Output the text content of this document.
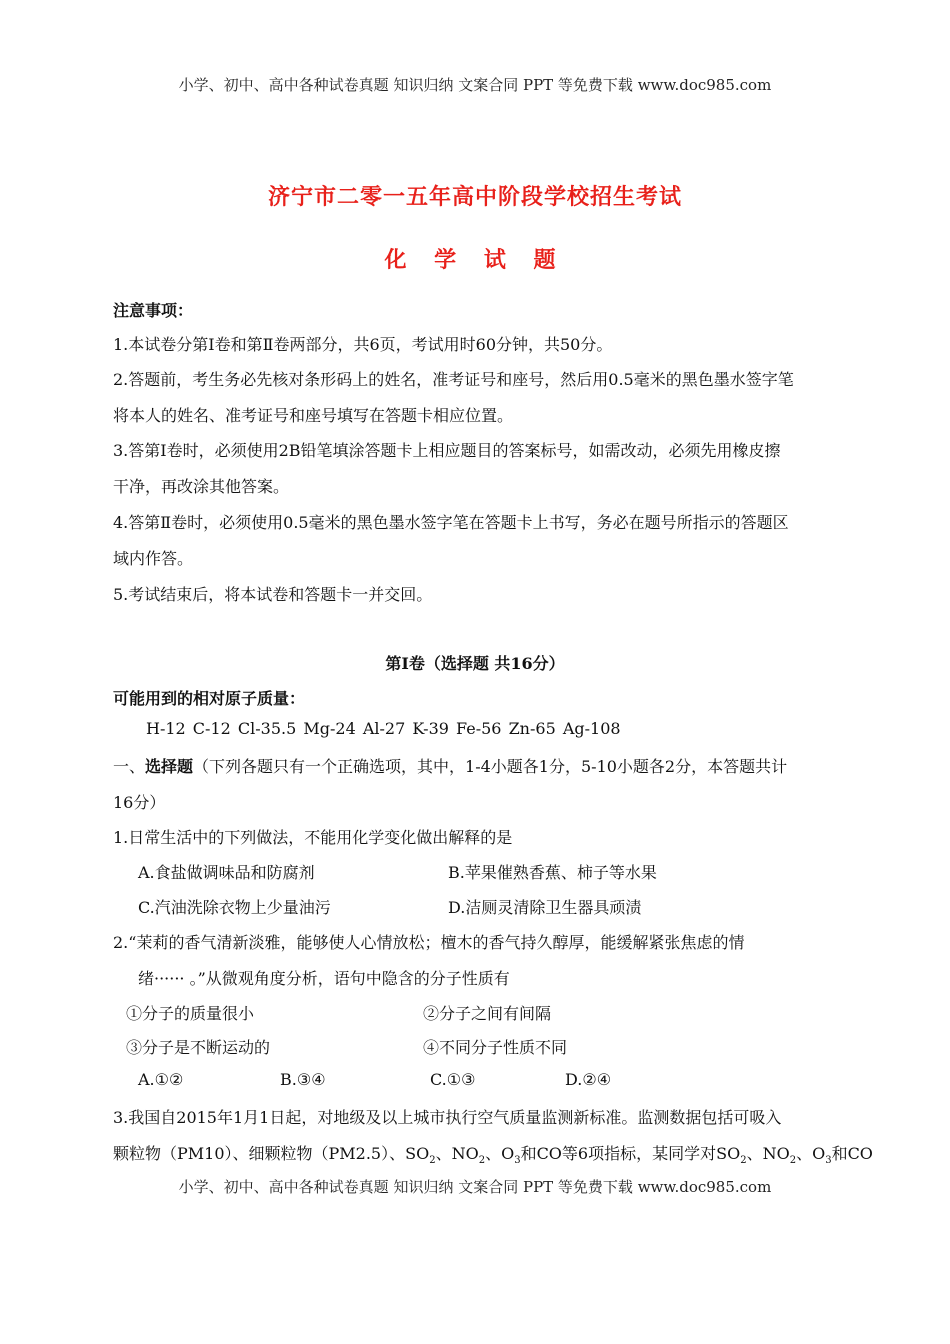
小学、初中、高中各种试卷真题 知识归纳 文案合同 PPT 等免费下载 www.doc985.com
济宁市二零一五年高中阶段学校招生考试
化 学 试 题
注意事项：
1.本试卷分第Ⅰ卷和第Ⅱ卷两部分，共6页，考试用时60分钟，共50分。
2.答题前，考生务必先核对条形码上的姓名，准考证号和座号，然后用0.5毫米的黑色墨水签字笔
将本人的姓名、准考证号和座号填写在答题卡相应位置。
3.答第Ⅰ卷时，必须使用2B铅笔填涂答题卡上相应题目的答案标号，如需改动，必须先用橡皮擦
干净，再改涂其他答案。
4.答第Ⅱ卷时，必须使用0.5毫米的黑色墨水签字笔在答题卡上书写，务必在题号所指示的答题区
域内作答。
5.考试结束后，将本试卷和答题卡一并交回。
第Ⅰ卷（选择题 共16分）
可能用到的相对原子质量：
H-12 C-12 Cl-35.5 Mg-24 Al-27 K-39 Fe-56 Zn-65 Ag-108
一、选择题（下列各题只有一个正确选项，其中，1-4小题各1分，5-10小题各2分，本答题共计
16分）
1.日常生活中的下列做法，不能用化学变化做出解释的是
A.食盐做调味品和防腐剂	B.苹果催熟香蕉、柿子等水果
C.汽油洗除衣物上少量油污	D.洁厕灵清除卫生器具顽渍
2.“茉莉的香气清新淡雅，能够使人心情放松；檀木的香气持久醇厚，能缓解紧张焦虑的情
绪······ 。”从微观角度分析，语句中隐含的分子性质有
①分子的质量很小	②分子之间有间隔
③分子是不断运动的	④不同分子性质不同
A.①②	B.③④	C.①③	D.②④
3.我国自2015年1月1日起，对地级及以上城市执行空气质量监测新标准。监测数据包括可吸入
颗粒物（PM10）、细颗粒物（PM2.5）、$SO_2$、$NO_2$、$O_3$和CO等6项指标，某同学对$SO_2$、$NO_2$、$O_3$和CO
小学、初中、高中各种试卷真题 知识归纳 文案合同 PPT 等免费下载 www.doc985.com
